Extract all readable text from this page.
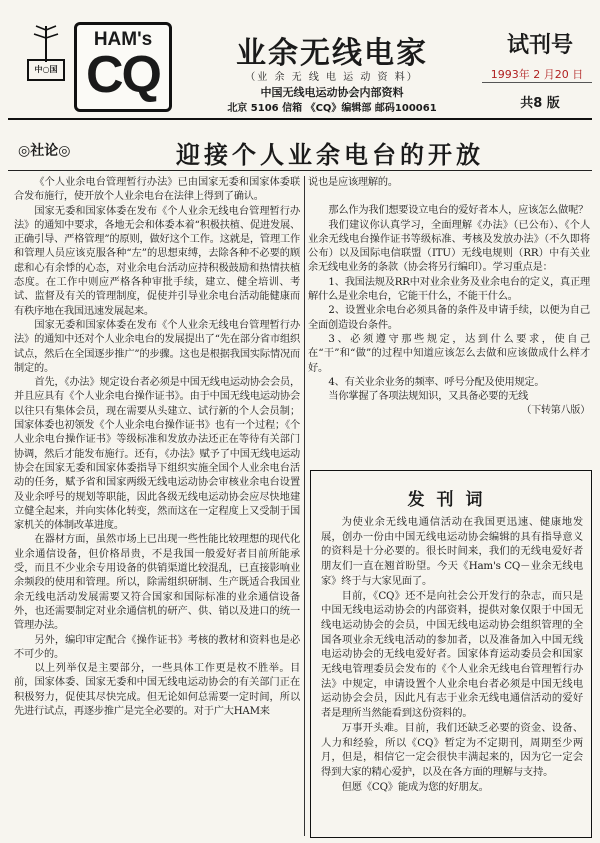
中○国
HAM's
CQ	业余无线电家
（业 余 无 线 电 运 动 资 料）
中国无线电运动协会内部资料
北京 5106 信箱 《CQ》编辑部 邮码100061
试刊号
1993年 2 月20 日
共8 版
◎社论◎	迎接个人业余电台的开放

《个人业余电台管理暂行办法》已由国家无委和国家体委联合发布施行，使开放个人业余电台在法律上得到了确认。

国家无委和国家体委在发布《个人业余无线电台管理暂行办法》的通知中要求，各地无会和体委本着“积极扶植、促进发展、正确引导、严格管理”的原则，做好这个工作。这就是，管理工作和管理人员应该克服各种“左”的思想束缚，去除各种不必要的顾虑和心有余悸的心态，对业余电台活动应持积极鼓励和热情扶植态度。在工作中则应严格各种审批手续，建立、健全培训、考试、监督及有关的管理制度，促使并引导业余电台活动能健康而有秩序地在我国迅速发展起来。

国家无委和国家体委在发布《个人业余无线电台管理暂行办法》的通知中还对个人业余电台的发展提出了“先在部分省市组织试点，然后在全国逐步推广”的步骤。这也是根据我国实际情况而制定的。

首先，《办法》规定设台者必须是中国无线电运动协会会员，并且应具有《个人业余电台操作证书》。由于中国无线电运动协会以往只有集体会员，现在需要从头建立、试行新的个人会员制；国家体委也初领发《个人业余电台操作证书》也有一个过程；《个人业余电台操作证书》等级标准和发放办法还正在等待有关部门协调，然后才能发布施行。还有，《办法》赋予了中国无线电运动协会在国家无委和国家体委指导下组织实施全国个人业余电台活动的任务，赋予省和国家两级无线电运动协会审核业余电台设置及业余呼号的规划等职能，因此各级无线电运动协会应尽快地建立健全起来，并向实体化转变，然而这在一定程度上又受制于国家机关的体制改革进度。

在器材方面，虽然市场上已出现一些性能比较理想的现代化业余通信设备，但价格昂贵，不是我国一般爱好者目前所能承受，而且不少业余专用设备的供销渠道比较混乱，已直接影响业余频段的使用和管理。所以，除需组织研制、生产既适合我国业余无线电活动发展需要又符合国家和国际标准的业余通信设备外，也还需要制定对业余通信机的研产、供、销以及进口的统一管理办法。

另外，编印审定配合《操作证书》考核的教材和资料也是必不可少的。

以上列举仅是主要部分，一些具体工作更是枚不胜举。目前，国家体委、国家无委和中国无线电运动协会的有关部门正在积极努力，促使其尽快完成。但无论如何总需要一定时间，所以先进行试点，再逐步推广是完全必要的。对于广大HAM来

说也是应该理解的。

那么作为我们想要设立电台的爱好者本人，应该怎么做呢？

我们建议你认真学习，全面理解《办法》（已公布）、《个人业余无线电台操作证书等级标准、考核及发放办法》（不久即将公布）以及国际电信联盟（ITU）无线电规则（RR）中有关业余无线电业务的条款（协会将另行编印）。学习重点是：

1、我国法规及RR中对业余业务及业余电台的定义，真正理解什么是业余电台，它能干什么，不能干什么。

2、设置业余电台必须具备的条件及申请手续，以便为自己全面创造设台条件。

3、必须遵守那些规定，达到什么要求，使自己在“干”和“做”的过程中知道应该怎么去做和应该做成什么样才好。

4、有关业余业务的频率、呼号分配及使用规定。

当你掌握了各项法规知识，又具备必要的无线

（下转第八版）
发刊词

为使业余无线电通信活动在我国更迅速、健康地发展，创办一份由中国无线电运动协会编辑的具有指导意义的资料是十分必要的。很长时间来，我们的无线电爱好者朋友们一直在翘首盼望。今天《Ham's CQ－业余无线电家》终于与大家见面了。

目前，《CQ》还不是向社会公开发行的杂志，而只是中国无线电运动协会的内部资料，提供对象仅限于中国无线电运动协会的会员，中国无线电运动协会组织管理的全国各项业余无线电活动的参加者，以及准备加入中国无线电运动协会的无线电爱好者。国家体育运动委员会和国家无线电管理委员会发布的《个人业余无线电台管理暂行办法》中规定，申请设置个人业余电台者必须是中国无线电运动协会会员，因此凡有志于业余无线电通信活动的爱好者是理所当然能看到这份资料的。

万事开头难。目前，我们还缺乏必要的资金、设备、人力和经验，所以《CQ》暂定为不定期刊，周期至少两月，但是，相信它一定会很快丰满起来的，因为它一定会得到大家的精心爱护，以及在各方面的理解与支持。

但愿《CQ》能成为您的好朋友。
